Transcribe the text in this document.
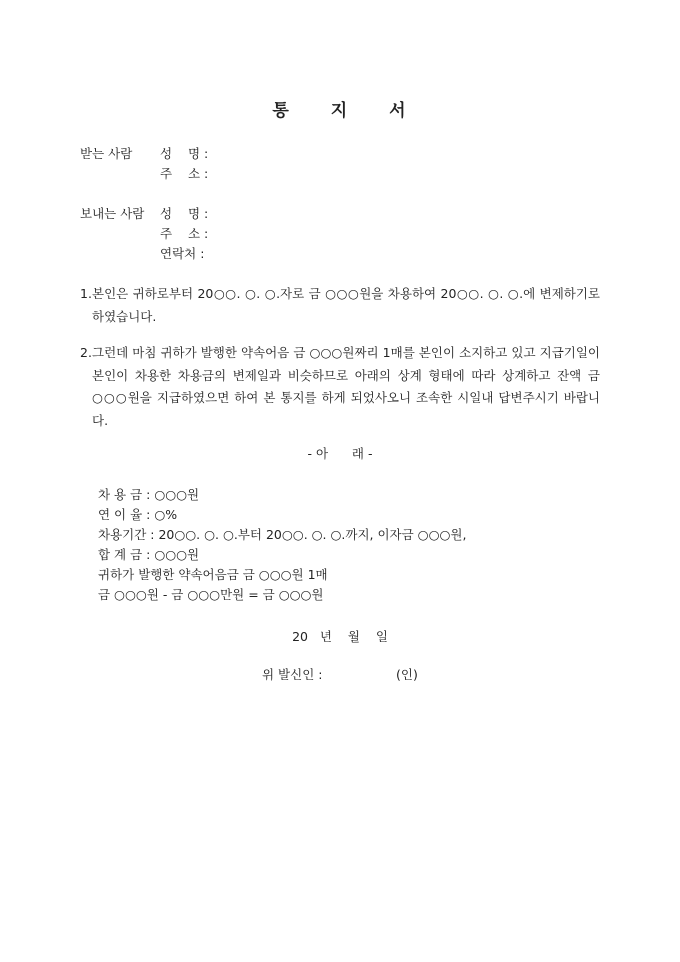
통 지 서
받는 사람 성    명 :
주    소 :
보내는 사람 성    명 :
주    소 :
연락처 :
1. 본인은 귀하로부터 20○○. ○. ○.자로 금 ○○○원을 차용하여 20○○. ○. ○.에 변제하기로 하였습니다.
2. 그런데 마침 귀하가 발행한 약속어음 금 ○○○원짜리 1매를 본인이 소지하고 있고 지급기일이 본인이 차용한 차용금의 변제일과 비슷하므로 아래의 상계 형태에 따라 상계하고 잔액 금 ○○○원을 지급하였으면 하여 본 통지를 하게 되었사오니 조속한 시일내 답변주시기 바랍니다.
- 아      래 -
차 용 금 : ○○○원
연 이 율 : ○%
차용기간 : 20○○. ○. ○.부터 20○○. ○. ○.까지, 이자금 ○○○원,
합 계 금 : ○○○원
귀하가 발행한 약속어음금 금 ○○○원 1매
금 ○○○원 - 금 ○○○만원 = 금 ○○○원
20   년    월    일
위 발신인 :	(인)
